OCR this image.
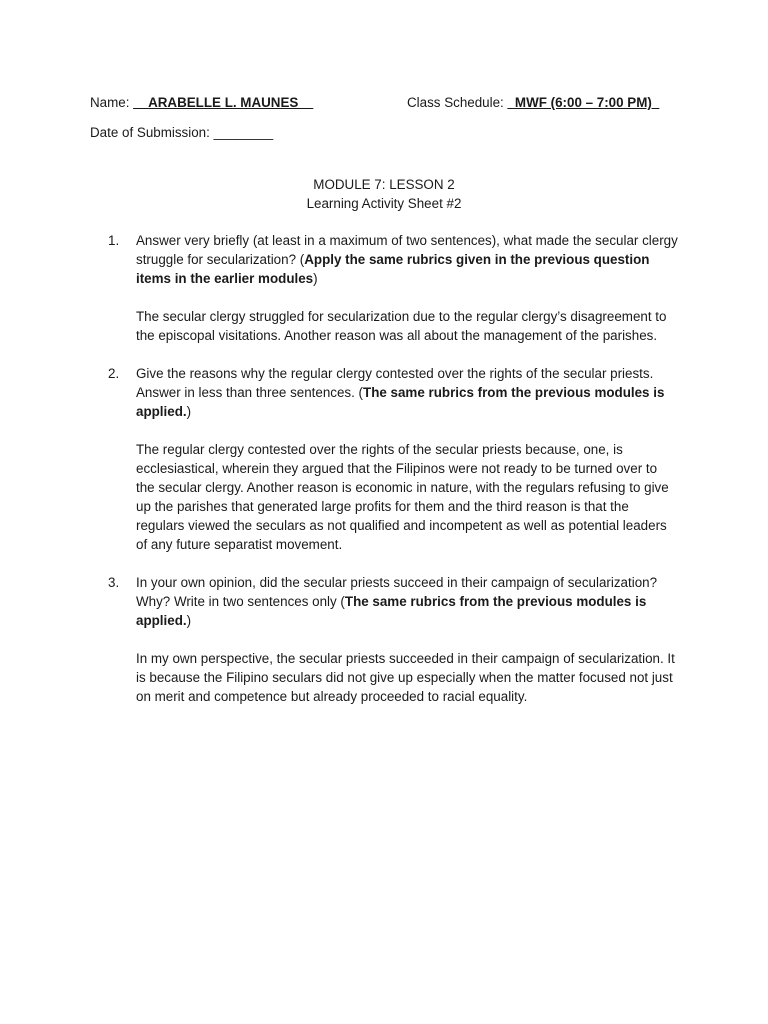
Name: __ARABELLE L. MAUNES__	Class Schedule: _MWF (6:00 – 7:00 PM)_
Date of Submission: ________
MODULE 7: LESSON 2
Learning Activity Sheet #2
1. Answer very briefly (at least in a maximum of two sentences), what made the secular clergy struggle for secularization? (Apply the same rubrics given in the previous question items in the earlier modules)

The secular clergy struggled for secularization due to the regular clergy’s disagreement to the episcopal visitations. Another reason was all about the management of the parishes.

2. Give the reasons why the regular clergy contested over the rights of the secular priests. Answer in less than three sentences. (The same rubrics from the previous modules is applied.)

The regular clergy contested over the rights of the secular priests because, one, is ecclesiastical, wherein they argued that the Filipinos were not ready to be turned over to the secular clergy. Another reason is economic in nature, with the regulars refusing to give up the parishes that generated large profits for them and the third reason is that the regulars viewed the seculars as not qualified and incompetent as well as potential leaders of any future separatist movement.

3. In your own opinion, did the secular priests succeed in their campaign of secularization? Why? Write in two sentences only (The same rubrics from the previous modules is applied.)

In my own perspective, the secular priests succeeded in their campaign of secularization. It is because the Filipino seculars did not give up especially when the matter focused not just on merit and competence but already proceeded to racial equality.
